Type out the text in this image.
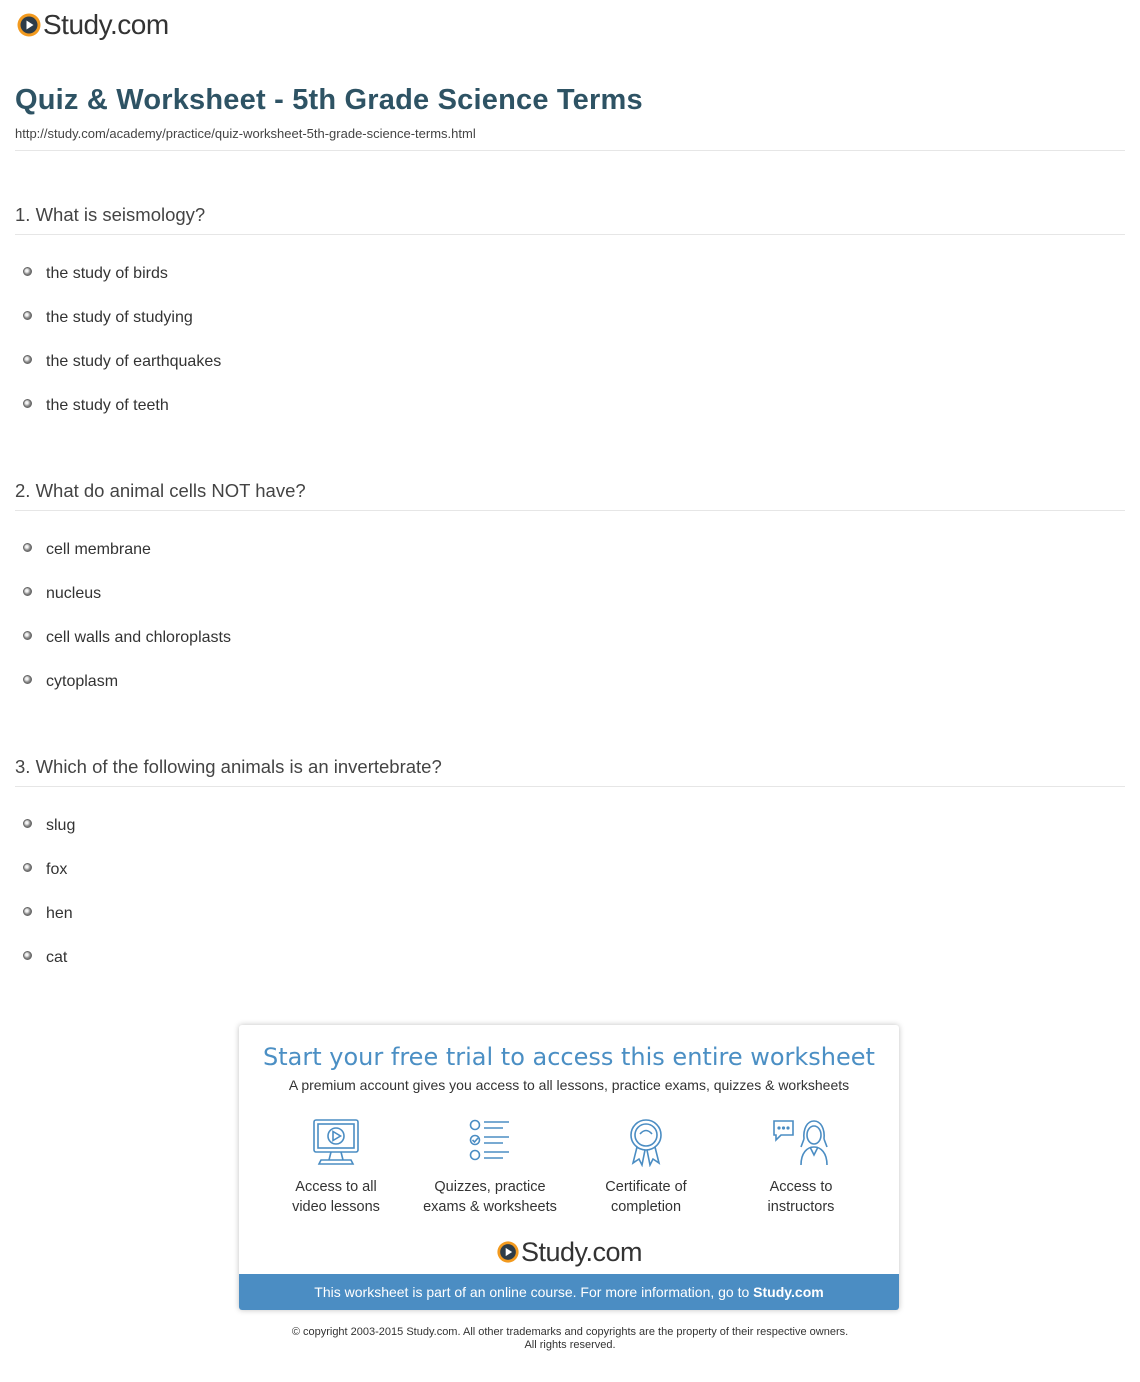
Study.com
Quiz & Worksheet - 5th Grade Science Terms
http://study.com/academy/practice/quiz-worksheet-5th-grade-science-terms.html
1. What is seismology?
the study of birds
the study of studying
the study of earthquakes
the study of teeth
2. What do animal cells NOT have?
cell membrane
nucleus
cell walls and chloroplasts
cytoplasm
3. Which of the following animals is an invertebrate?
slug
fox
hen
cat
Start your free trial to access this entire worksheet
A premium account gives you access to all lessons, practice exams, quizzes & worksheets
Access to all
video lessons
Quizzes, practice
exams & worksheets
Certificate of
completion
Access to
instructors
Study.com
This worksheet is part of an online course. For more information, go to Study.com
© copyright 2003-2015 Study.com. All other trademarks and copyrights are the property of their respective owners.
All rights reserved.
